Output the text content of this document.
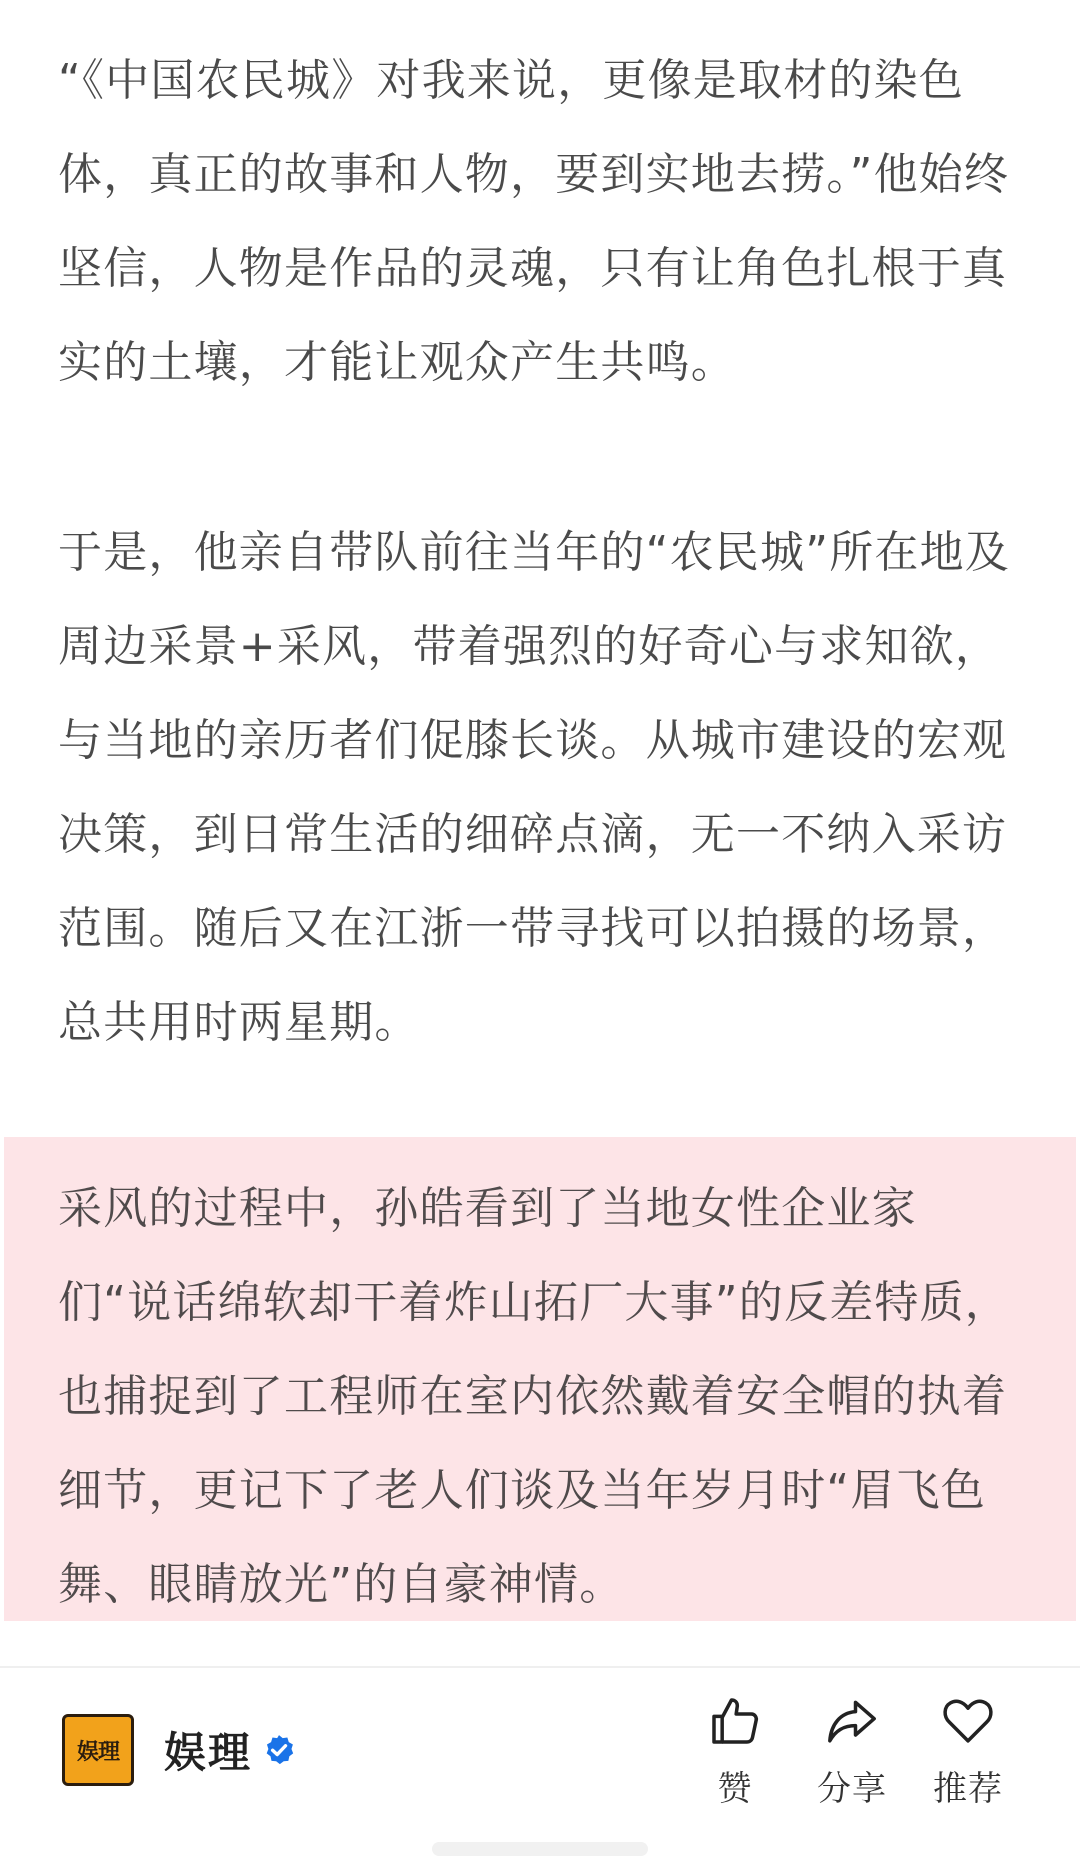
“《中国农民城》对我来说，更像是取材的染色体，真正的故事和人物，要到实地去捞。”他始终坚信，人物是作品的灵魂，只有让角色扎根于真实的土壤，才能让观众产生共鸣。
于是，他亲自带队前往当年的“农民城”所在地及周边采景+采风，带着强烈的好奇心与求知欲，与当地的亲历者们促膝长谈。从城市建设的宏观决策，到日常生活的细碎点滴，无一不纳入采访范围。随后又在江浙一带寻找可以拍摄的场景，总共用时两星期。
采风的过程中，孙皓看到了当地女性企业家们“说话绵软却干着炸山拓厂大事”的反差特质，也捕捉到了工程师在室内依然戴着安全帽的执着细节，更记下了老人们谈及当年岁月时“眉飞色舞、眼睛放光”的自豪神情。
娱理	娱理
赞	分享	推荐
